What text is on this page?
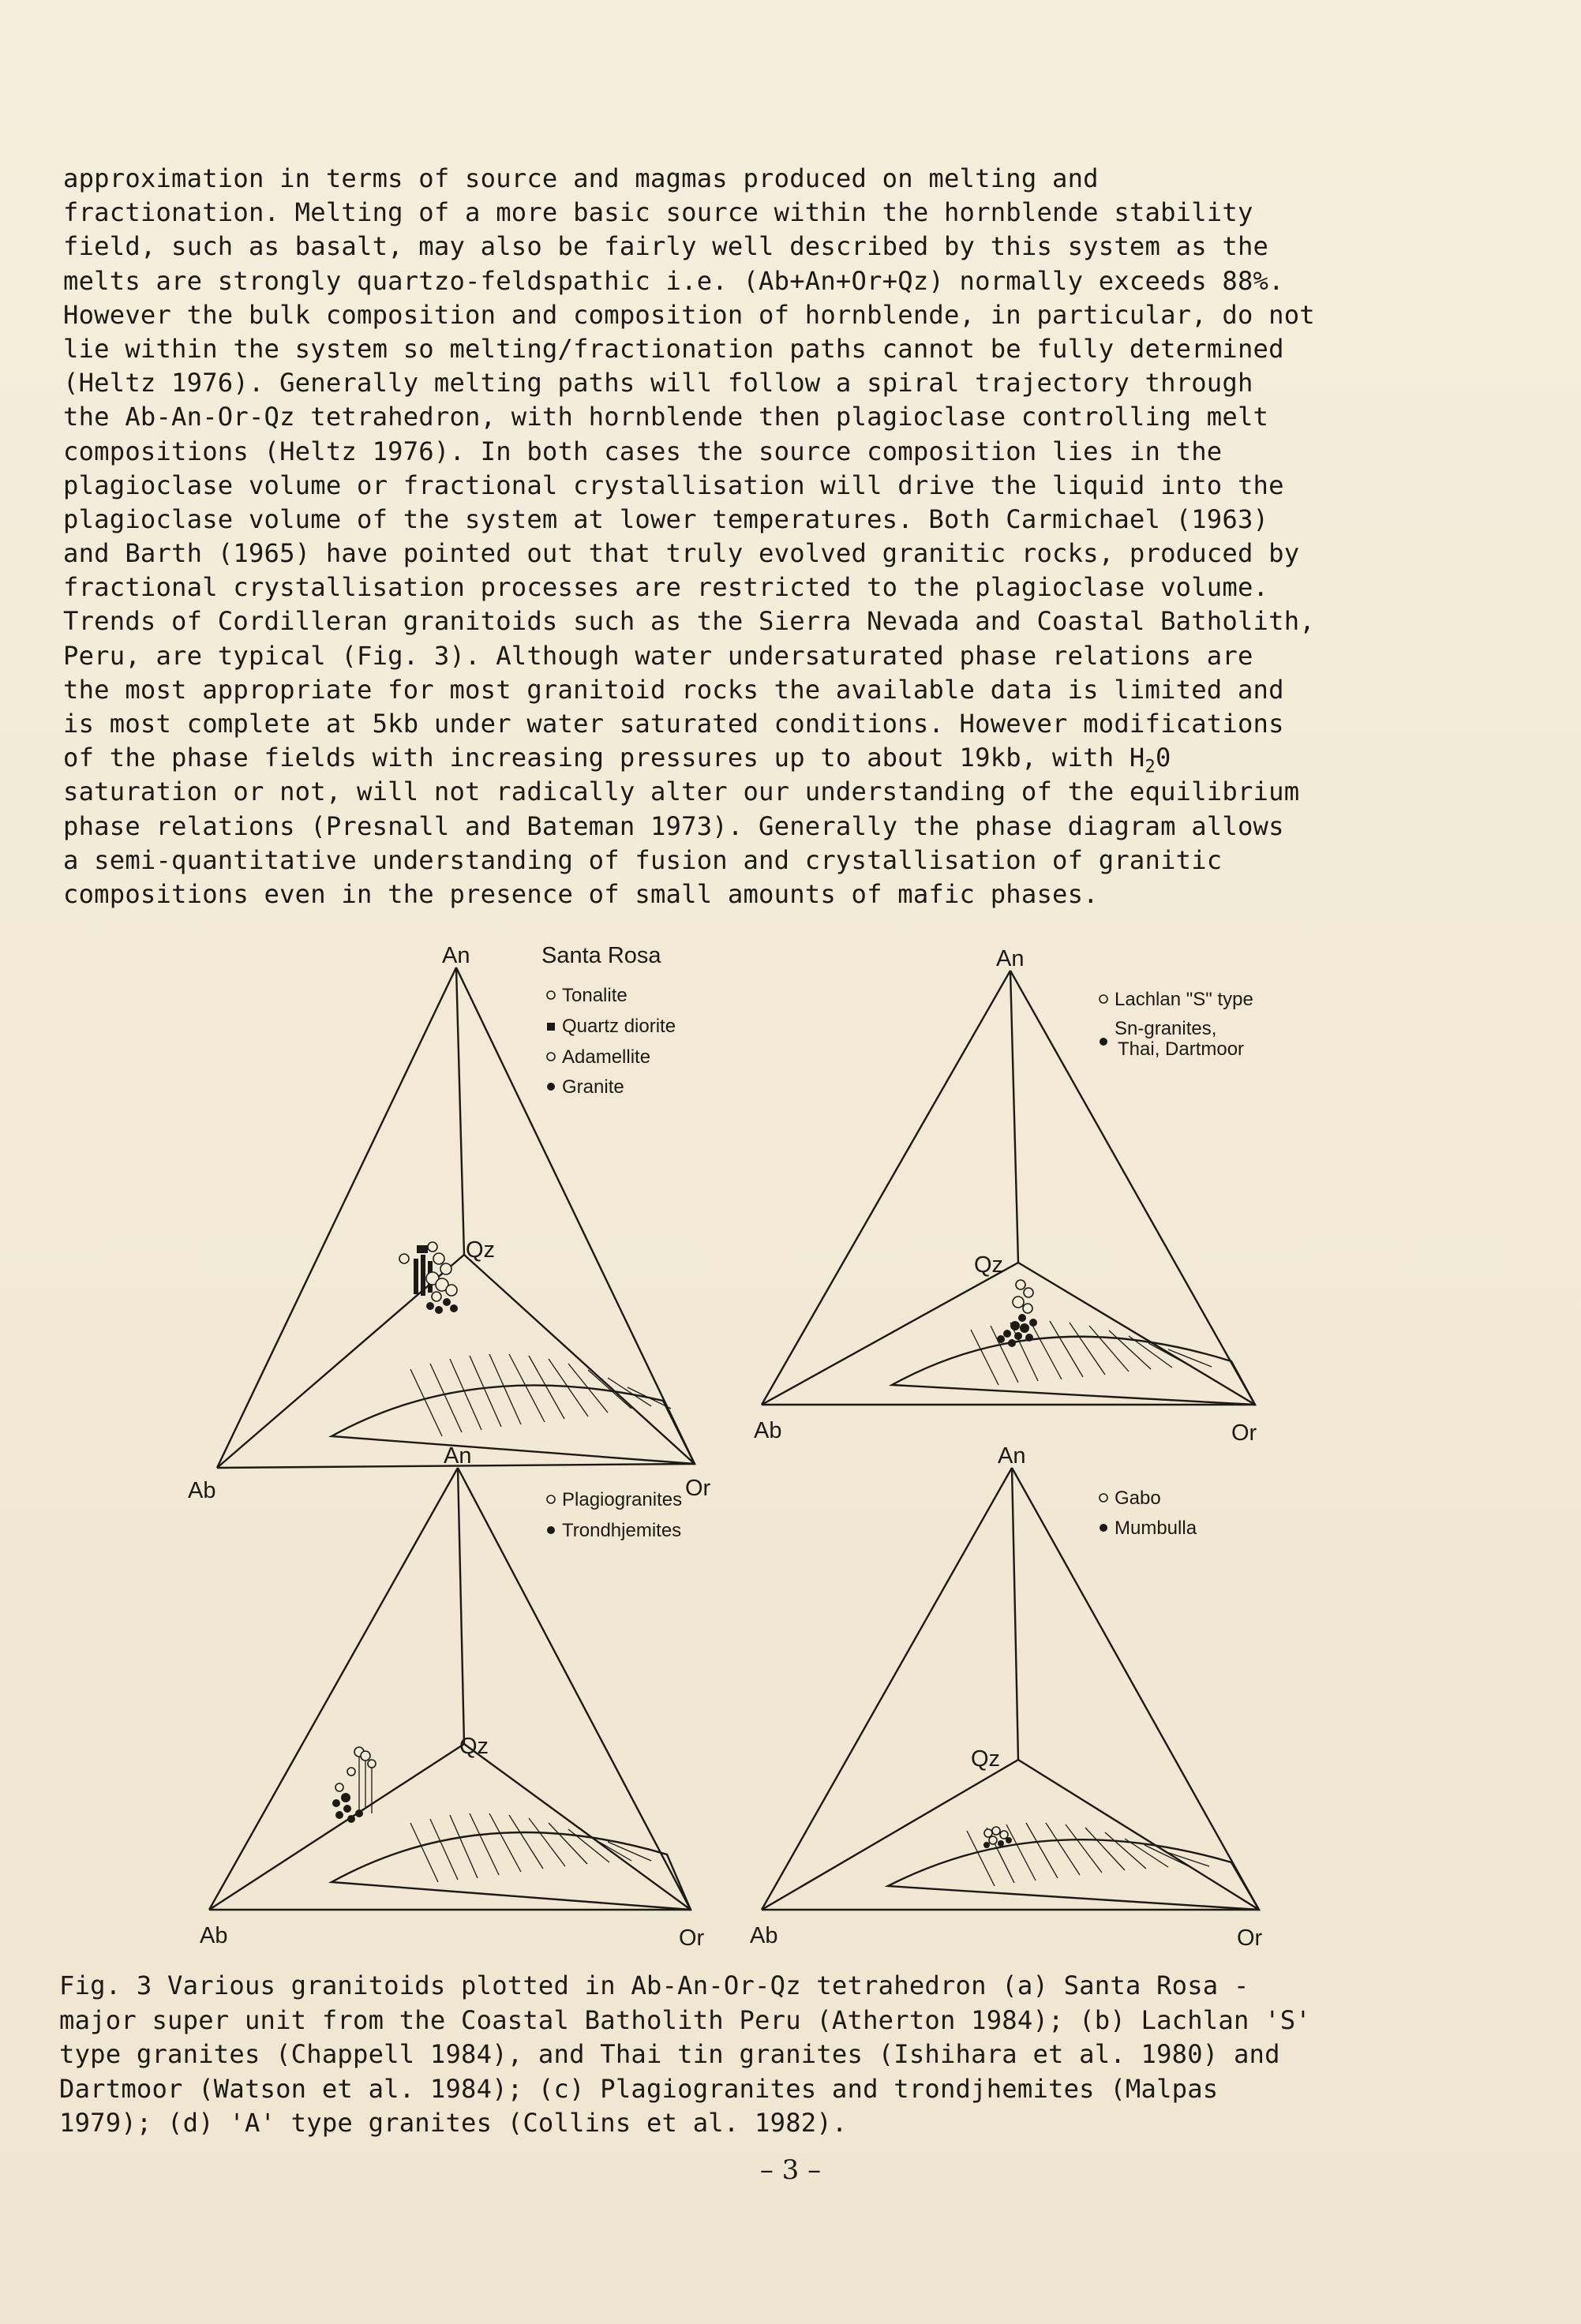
approximation in terms of source and magmas produced on melting and
fractionation. Melting of a more basic source within the hornblende stability
field, such as basalt, may also be fairly well described by this system as the
melts are strongly quartzo-feldspathic i.e. (Ab+An+Or+Qz) normally exceeds 88%.
However the bulk composition and composition of hornblende, in particular, do not
lie within the system so melting/fractionation paths cannot be fully determined
(Heltz 1976). Generally melting paths will follow a spiral trajectory through
the Ab-An-Or-Qz tetrahedron, with hornblende then plagioclase controlling melt
compositions (Heltz 1976). In both cases the source composition lies in the
plagioclase volume or fractional crystallisation will drive the liquid into the
plagioclase volume of the system at lower temperatures. Both Carmichael (1963)
and Barth (1965) have pointed out that truly evolved granitic rocks, produced by
fractional crystallisation processes are restricted to the plagioclase volume.
Trends of Cordilleran granitoids such as the Sierra Nevada and Coastal Batholith,
Peru, are typical (Fig. 3). Although water undersaturated phase relations are
the most appropriate for most granitoid rocks the available data is limited and
is most complete at 5kb under water saturated conditions. However modifications
of the phase fields with increasing pressures up to about 19kb, with $H_20$
saturation or not, will not radically alter our understanding of the equilibrium
phase relations (Presnall and Bateman 1973). Generally the phase diagram allows
a semi-quantitative understanding of fusion and crystallisation of granitic
compositions even in the presence of small amounts of mafic phases.
An
Qz
Ab	Or
Santa Rosa
Tonalite
Quartz diorite
Adamellite
Granite
An
Qz
Ab	Or
Lachlan "S" type
Sn-granites,
Thai, Dartmoor
An
Qz
Ab	Or
Plagiogranites
Trondhjemites
An
Qz
Ab	Or
Gabo
Mumbulla
Fig. 3 Various granitoids plotted in Ab-An-Or-Qz tetrahedron (a) Santa Rosa -
major super unit from the Coastal Batholith Peru (Atherton 1984); (b) Lachlan 'S'
type granites (Chappell 1984), and Thai tin granites (Ishihara et al. 1980) and
Dartmoor (Watson et al. 1984); (c) Plagiogranites and trondjhemites (Malpas
1979); (d) 'A' type granites (Collins et al. 1982).
– 3 –
